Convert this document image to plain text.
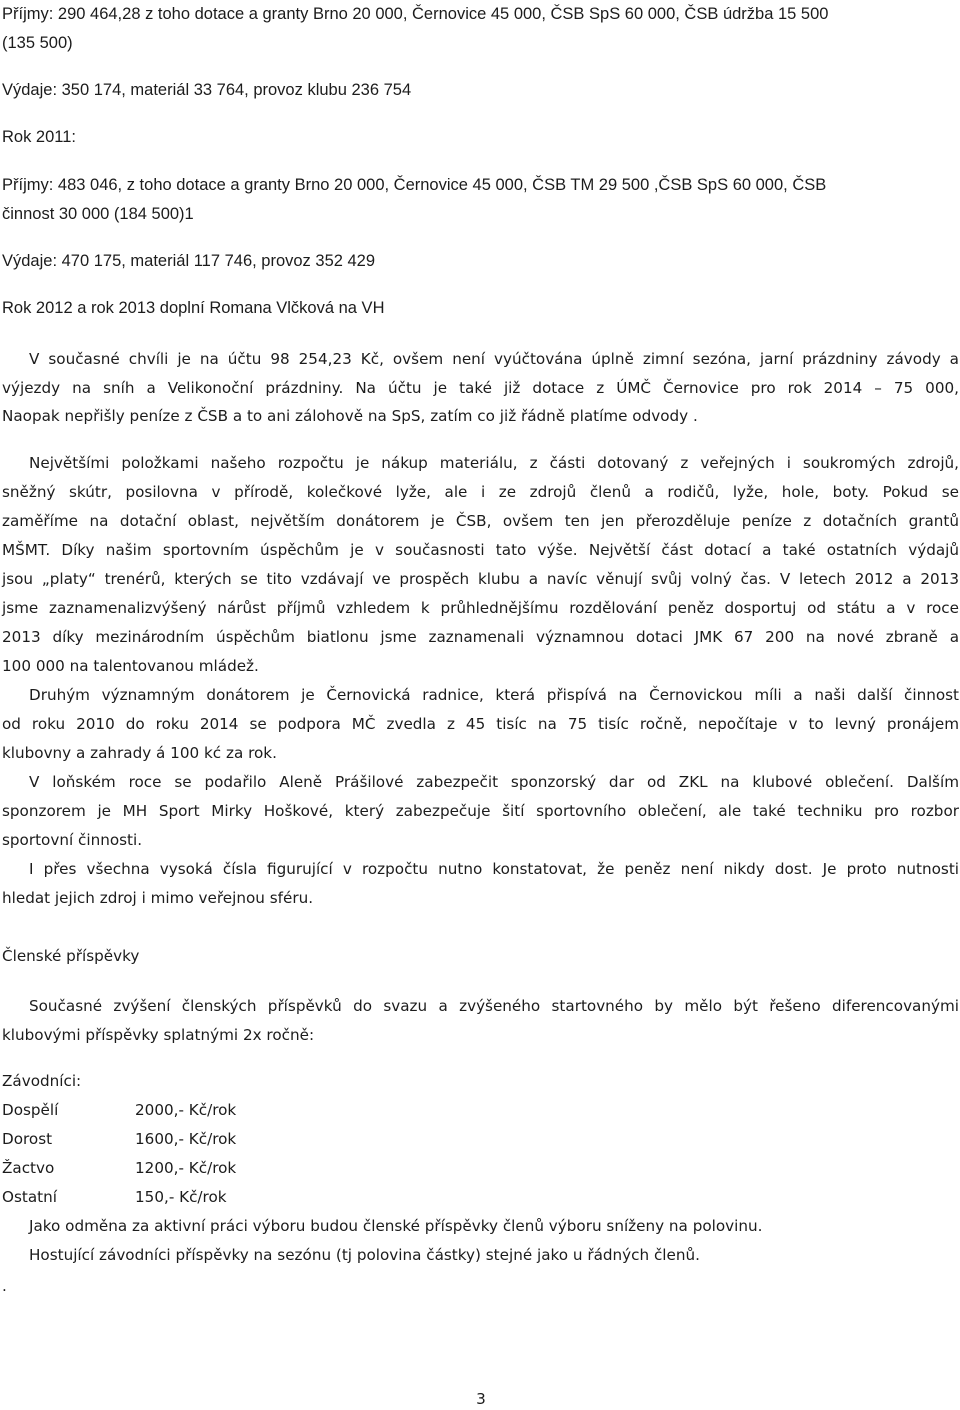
Příjmy: 290 464,28 z toho dotace a granty Brno 20 000, Černovice 45 000, ČSB SpS 60 000, ČSB údržba 15 500
(135 500)
Výdaje: 350 174, materiál 33 764, provoz klubu 236 754
Rok 2011:
Příjmy: 483 046, z toho dotace a granty Brno 20 000, Černovice 45 000, ČSB TM 29 500 ,ČSB SpS 60 000, ČSB
činnost 30 000 (184 500)1
Výdaje: 470 175, materiál 117 746, provoz 352 429
Rok 2012 a rok 2013 doplní Romana Vlčková na VH
V současné chvíli je na účtu 98 254,23 Kč, ovšem není vyúčtována úplně zimní sezóna, jarní prázdniny závody a
výjezdy na sníh a Velikonoční prázdniny. Na účtu je také již dotace z ÚMČ Černovice pro rok 2014 – 75 000,
Naopak nepřišly peníze z ČSB a to ani zálohově na SpS, zatím co již řádně platíme odvody .
Největšími položkami našeho rozpočtu je nákup materiálu, z části dotovaný z veřejných i soukromých zdrojů,
sněžný skútr, posilovna v přírodě, kolečkové lyže, ale i ze zdrojů členů a rodičů, lyže, hole, boty. Pokud se
zaměříme na dotační oblast, největším donátorem je ČSB, ovšem ten jen přerozděluje peníze z dotačních grantů
MŠMT. Díky našim sportovním úspěchům je v současnosti tato výše. Největší část dotací a také ostatních výdajů
jsou „platy“ trenérů, kterých se tito vzdávají ve prospěch klubu a navíc věnují svůj volný čas. V letech 2012 a 2013
jsme zaznamenalizvýšený nárůst příjmů vzhledem k průhlednějšímu rozdělování peněz dosportuj od státu a v roce
2013 díky mezinárodním úspěchům biatlonu jsme zaznamenali významnou dotaci JMK 67 200 na nové zbraně a
100 000 na talentovanou mládež.
Druhým významným donátorem je Černovická radnice, která přispívá na Černovickou míli a naši další činnost
od roku 2010 do roku 2014 se podpora MČ zvedla z 45 tisíc na 75 tisíc ročně, nepočítaje v to levný pronájem
klubovny a zahrady á 100 kć za rok.
V loňském roce se podařilo Aleně Prášilové zabezpečit sponzorský dar od ZKL na klubové oblečení. Dalším
sponzorem je MH Sport Mirky Hoškové, který zabezpečuje šití sportovního oblečení, ale také techniku pro rozbor
sportovní činnosti.
I přes všechna vysoká čísla figurující v rozpočtu nutno konstatovat, že peněz není nikdy dost. Je proto nutnosti
hledat jejich zdroj i mimo veřejnou sféru.
Členské příspěvky
Současné zvýšení členských příspěvků do svazu a zvýšeného startovného by mělo být řešeno diferencovanými
klubovými příspěvky splatnými 2x ročně:
Závodníci:
Dospělí	2000,- Kč/rok
Dorost	1600,- Kč/rok
Žactvo	1200,- Kč/rok
Ostatní	150,- Kč/rok
Jako odměna za aktivní práci výboru budou členské příspěvky členů výboru sníženy na polovinu.
Hostující závodníci příspěvky na sezónu (tj polovina částky) stejné jako u řádných členů.
.
3
